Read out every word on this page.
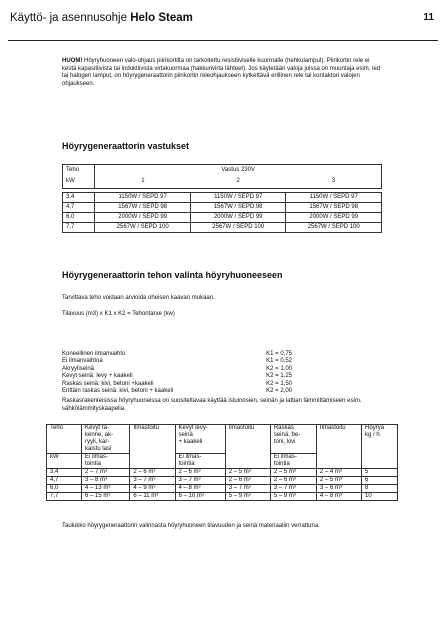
Käyttö- ja asennusohje Helo Steam	11
HUOM! Höyryhuoneen valo-ohjaus piirikortilta on tarkoitettu resistiiviselle kuormalle (hehkulamput). Piirikortin rele ei kestä kapasitiivista tai induktiivista virtakuormaa (hakkurivirta lähteet). Jos käytetään valoja joissa on muuntaja esim. led tai halogen lamput, on höyrygeneraattorin piirikortin releohjaukseen kytkettävä erillinen rele tai kontaktori valojen ohjaukseen.
Höyrygeneraattorin vastukset
Teho	Vastus 230V		
kW	1	2	3

3,4	1150W / SEPD 97	1150W / SEPD 97	1150W / SEPD 97
4,7	1567W / SEPD 98	1567W / SEPD 98	1567W / SEPD 98
6,0	2000W / SEPD 99	2000W / SEPD 99	2000W / SEPD 99
7,7	2567W / SEPD 100	2567W / SEPD 100	2567W / SEPD 100
Höyrygeneraattorin tehon valinta höyryhuoneeseen
Tarvittava teho voidaan arvioida oheisen kaavan mukaan.
Tilavuus (m3) x K1 x K2 = Tehontarve (kw)
Koneellinen ilmanvaihto	K1 = 0,75
Ei ilmanvaihtoa	K1 = 0,52
Akryyliseinä	K2 = 1,00
Kevyt seinä: levy + kaakeli	K2 = 1,25
Raskas seinä: kivi, betoni +kaakeli	K2 = 1,50
Erittäin raskas seinä: kivi, betoni + kaakeli	K2 = 2,00
Raskasrakenteisissa höyryhuoneissa on suositeltavaa käyttää istuinosien, seinän ja lattian lämmittämiseen esim. sähkölämmityskaapelia.
Teho	Kevyt ra-
kenne, ak-
ryyli, kar-
kaistu lasi	Ilmastoitu	Kevyt levy-
seinä
+ kaakeli	Ilmastoitu	Raskas
seinä, be-
toni, kivi	Ilmastoitu	Höyryä
kg / h
kW	Ei ilmas-
tointia		Ei ilmas-
tointia		Ei ilmas-
tointia		
3,4	2 – 7 m³	2 – 6 m³	2 – 6 m³	2 – 5 m³	2 – 5 m³	2 – 4 m³	5
4,7	3 – 8 m³	3 – 7 m³	3 – 7 m³	2 – 6 m³	2 – 6 m³	2 – 5 m³	6
6,0	4 – 13 m³	4 – 9 m³	4 – 8 m³	3 – 7 m³	3 – 7 m³	3 – 6 m³	8
7,7	6 – 15 m³	6 – 11 m³	6 – 10 m³	5 – 9 m³	5 – 9 m³	4 – 8 m³	10
Taulukko höyrygeneraattorin valinnasta höyryhuoneen tilavuuden ja seinä materiaaliin verrattuna.
